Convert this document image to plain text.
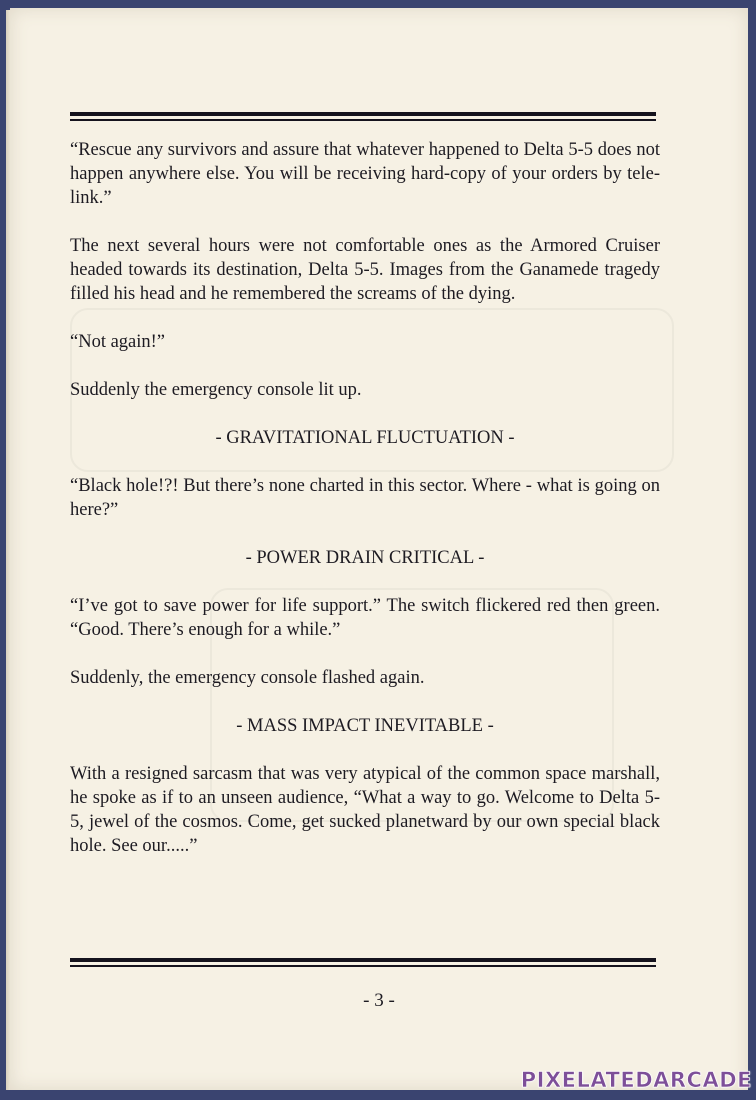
“Rescue any survivors and assure that whatever happened to Delta 5-5 does not happen anywhere else. You will be receiving hard-copy of your orders by tele-link.”

The next several hours were not comfortable ones as the Armored Cruiser headed towards its destination, Delta 5-5. Images from the Ganamede tragedy filled his head and he remembered the screams of the dying.

“Not again!”

Suddenly the emergency console lit up.

- GRAVITATIONAL FLUCTUATION -

“Black hole!?! But there’s none charted in this sector. Where - what is going on here?”

- POWER DRAIN CRITICAL -

“I’ve got to save power for life support.” The switch flickered red then green. “Good. There’s enough for a while.”

Suddenly, the emergency console flashed again.

- MASS IMPACT INEVITABLE -

With a resigned sarcasm that was very atypical of the common space marshall, he spoke as if to an unseen audience, “What a way to go. Welcome to Delta 5-5, jewel of the cosmos. Come, get sucked planetward by our own special black hole. See our.....”

- 3 -
PIXELATEDARCADE
